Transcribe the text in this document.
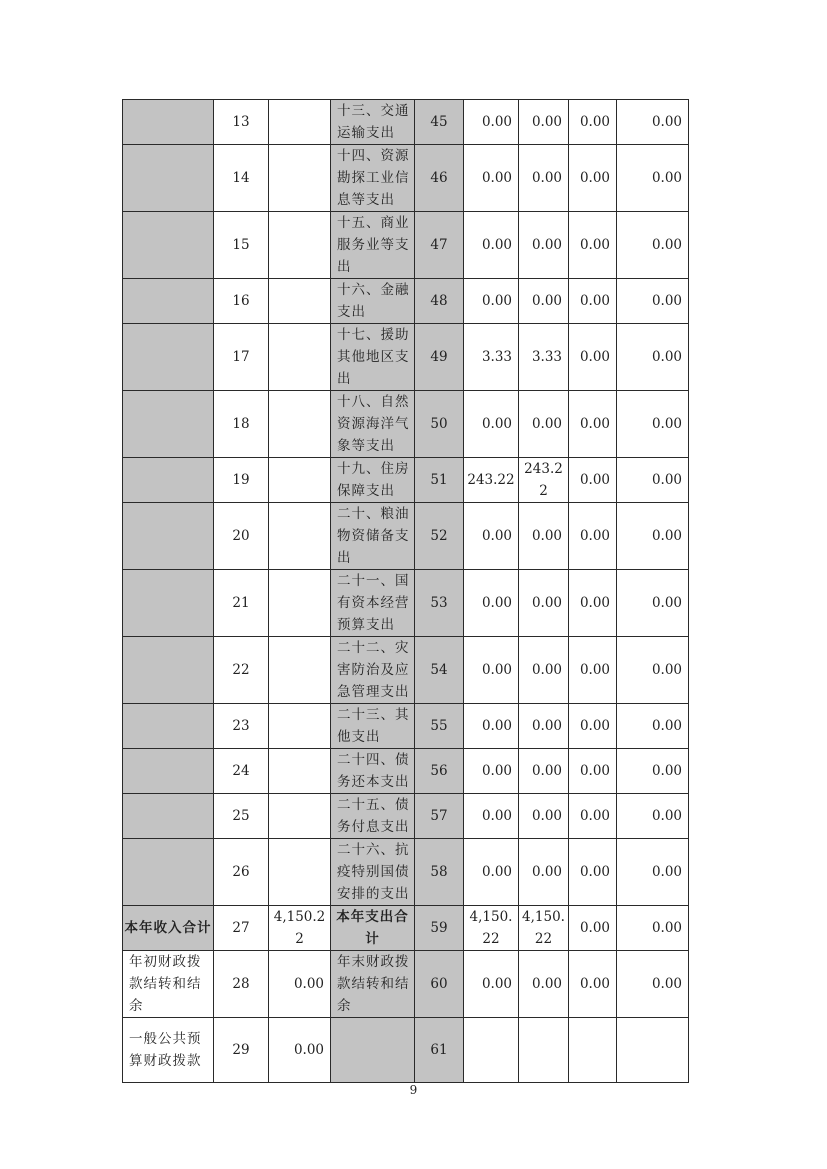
	13		十三、交通运输支出	45	0.00	0.00	0.00	0.00
	14		十四、资源勘探工业信息等支出	46	0.00	0.00	0.00	0.00
	15		十五、商业服务业等支出	47	0.00	0.00	0.00	0.00
	16		十六、金融支出	48	0.00	0.00	0.00	0.00
	17		十七、援助其他地区支出	49	3.33	3.33	0.00	0.00
	18		十八、自然资源海洋气象等支出	50	0.00	0.00	0.00	0.00
	19		十九、住房保障支出	51	243.22	243.22	0.00	0.00
	20		二十、粮油物资储备支出	52	0.00	0.00	0.00	0.00
	21		二十一、国有资本经营预算支出	53	0.00	0.00	0.00	0.00
	22		二十二、灾害防治及应急管理支出	54	0.00	0.00	0.00	0.00
	23		二十三、其他支出	55	0.00	0.00	0.00	0.00
	24		二十四、债务还本支出	56	0.00	0.00	0.00	0.00
	25		二十五、债务付息支出	57	0.00	0.00	0.00	0.00
	26		二十六、抗疫特别国债安排的支出	58	0.00	0.00	0.00	0.00
本年收入合计	27	4,150.22	本年支出合计	59	4,150.22	4,150.22	0.00	0.00
年初财政拨款结转和结余	28	0.00	年末财政拨款结转和结余	60	0.00	0.00	0.00	0.00
一般公共预算财政拨款	29	0.00		61				
9
